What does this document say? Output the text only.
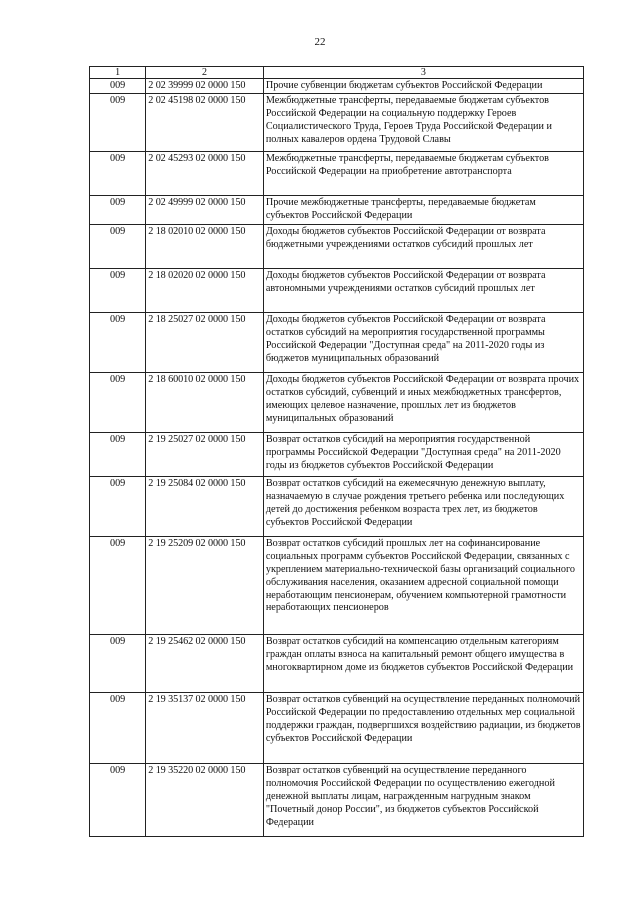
22
1	2	3
009	2 02 39999 02 0000 150	Прочие субвенции бюджетам субъектов Российской Федерации
009	2 02 45198 02 0000 150	Межбюджетные трансферты, передаваемые бюджетам субъектов Российской Федерации на социальную поддержку Героев Социалистического Труда, Героев Труда Российской Федерации и полных кавалеров ордена Трудовой Славы
009	2 02 45293 02 0000 150	Межбюджетные трансферты, передаваемые бюджетам субъектов Российской Федерации на приобретение автотранспорта
009	2 02 49999 02 0000 150	Прочие межбюджетные трансферты, передаваемые бюджетам субъектов Российской Федерации
009	2 18 02010 02 0000 150	Доходы бюджетов субъектов Российской Федерации от возврата бюджетными учреждениями остатков субсидий прошлых лет
009	2 18 02020 02 0000 150	Доходы бюджетов субъектов Российской Федерации от возврата автономными учреждениями остатков субсидий прошлых лет
009	2 18 25027 02 0000 150	Доходы бюджетов субъектов Российской Федерации от возврата остатков субсидий на мероприятия государственной программы Российской Федерации "Доступная среда" на 2011-2020 годы из бюджетов муниципальных образований
009	2 18 60010 02 0000 150	Доходы бюджетов субъектов Российской Федерации от возврата прочих остатков субсидий, субвенций и иных межбюджетных трансфертов, имеющих целевое назначение, прошлых лет из бюджетов муниципальных образований
009	2 19 25027 02 0000 150	Возврат остатков субсидий на мероприятия государственной программы Российской Федерации "Доступная среда" на 2011-2020 годы из бюджетов субъектов Российской Федерации
009	2 19 25084 02 0000 150	Возврат остатков субсидий на ежемесячную денежную выплату, назначаемую в случае рождения третьего ребенка или последующих детей до достижения ребенком возраста трех лет, из бюджетов субъектов Российской Федерации
009	2 19 25209 02 0000 150	Возврат остатков субсидий прошлых лет на софинансирование социальных программ субъектов Российской Федерации, связанных с укреплением материально-технической базы организаций социального обслуживания населения, оказанием адресной социальной помощи неработающим пенсионерам, обучением компьютерной грамотности неработающих пенсионеров
009	2 19 25462 02 0000 150	Возврат остатков субсидий на компенсацию отдельным категориям граждан оплаты взноса на капитальный ремонт общего имущества в многоквартирном доме из бюджетов субъектов Российской Федерации
009	2 19 35137 02 0000 150	Возврат остатков субвенций на осуществление переданных полномочий Российской Федерации по предоставлению отдельных мер социальной поддержки граждан, подвергшихся воздействию радиации, из бюджетов субъектов Российской Федерации
009	2 19 35220 02 0000 150	Возврат остатков субвенций на осуществление переданного полномочия Российской Федерации по осуществлению ежегодной денежной выплаты лицам, награжденным нагрудным знаком "Почетный донор России", из бюджетов субъектов Российской Федерации
